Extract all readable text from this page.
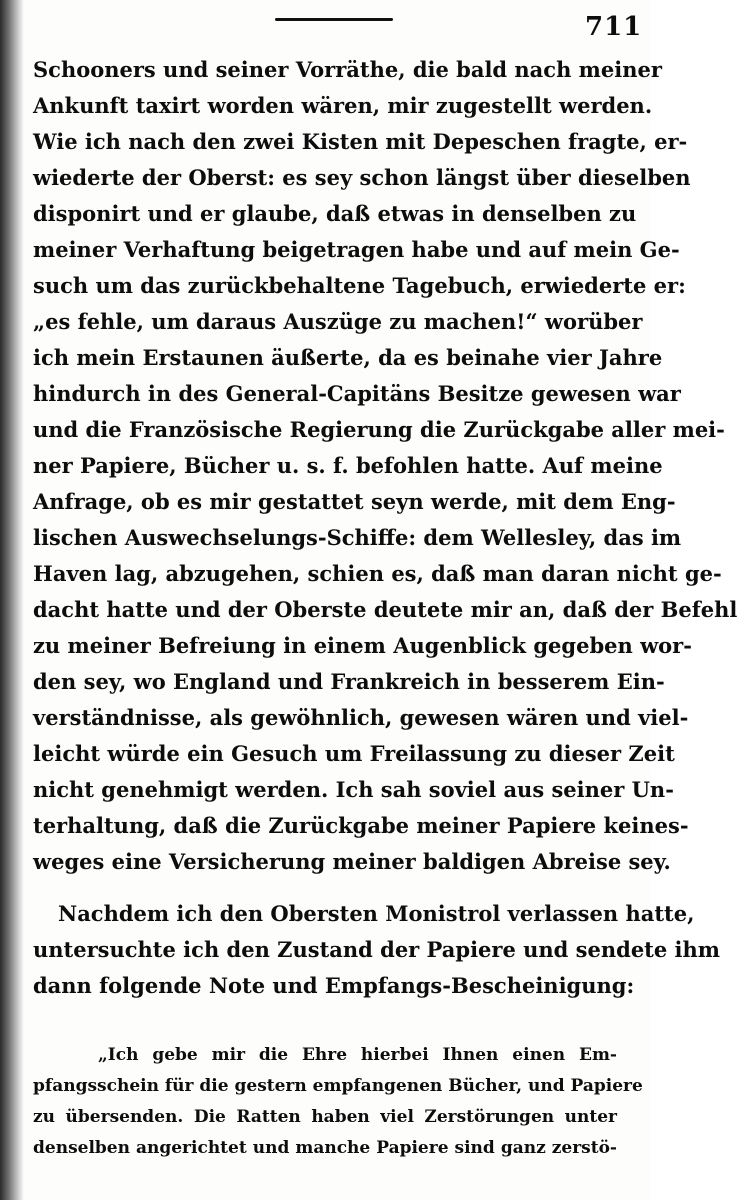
711
Schooners und seiner Vorräthe, die bald nach meiner
Ankunft taxirt worden wären, mir zugestellt werden.
Wie ich nach den zwei Kisten mit Depeschen fragte, er-
wiederte der Oberst: es sey schon längst über dieselben
disponirt und er glaube, daß etwas in denselben zu
meiner Verhaftung beigetragen habe und auf mein Ge-
such um das zurückbehaltene Tagebuch, erwiederte er:
„es fehle, um daraus Auszüge zu machen!“ worüber
ich mein Erstaunen äußerte, da es beinahe vier Jahre
hindurch in des General-Capitäns Besitze gewesen war
und die Französische Regierung die Zurückgabe aller mei-
ner Papiere, Bücher u. s. f. befohlen hatte. Auf meine
Anfrage, ob es mir gestattet seyn werde, mit dem Eng-
lischen Auswechselungs-Schiffe: dem Wellesley, das im
Haven lag, abzugehen, schien es, daß man daran nicht ge-
dacht hatte und der Oberste deutete mir an, daß der Befehl
zu meiner Befreiung in einem Augenblick gegeben wor-
den sey, wo England und Frankreich in besserem Ein-
verständnisse, als gewöhnlich, gewesen wären und viel-
leicht würde ein Gesuch um Freilassung zu dieser Zeit
nicht genehmigt werden. Ich sah soviel aus seiner Un-
terhaltung, daß die Zurückgabe meiner Papiere keines-
weges eine Versicherung meiner baldigen Abreise sey.
Nachdem ich den Obersten Monistrol verlassen hatte,
untersuchte ich den Zustand der Papiere und sendete ihm
dann folgende Note und Empfangs-Bescheinigung:
„Ich gebe mir die Ehre hierbei Ihnen einen Em-
pfangsschein für die gestern empfangenen Bücher, und Papiere
zu übersenden. Die Ratten haben viel Zerstörungen unter
denselben angerichtet und manche Papiere sind ganz zerstö-
